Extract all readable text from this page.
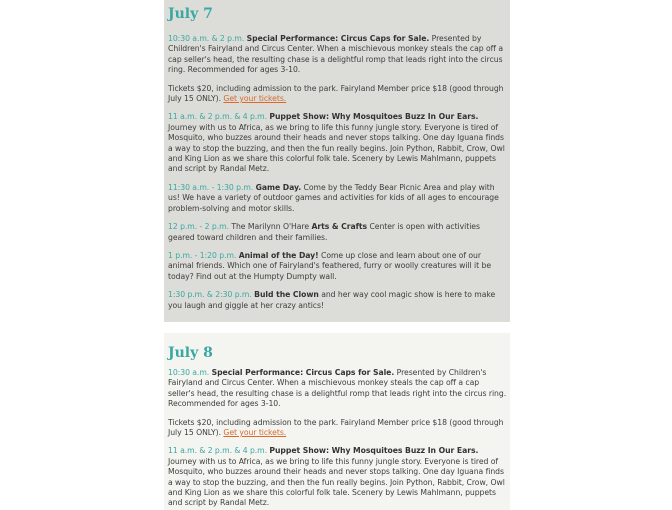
July 7

10:30 a.m. & 2 p.m. Special Performance: Circus Caps for Sale. Presented by Children's Fairyland and Circus Center. When a mischievous monkey steals the cap off a cap seller's head, the resulting chase is a delightful romp that leads right into the circus ring. Recommended for ages 3-10.

Tickets $20, including admission to the park. Fairyland Member price $18 (good through July 15 ONLY). Get your tickets.

11 a.m. & 2 p.m. & 4 p.m. Puppet Show: Why Mosquitoes Buzz In Our Ears. Journey with us to Africa, as we bring to life this funny jungle story. Everyone is tired of Mosquito, who buzzes around their heads and never stops talking. One day Iguana finds a way to stop the buzzing, and then the fun really begins. Join Python, Rabbit, Crow, Owl and King Lion as we share this colorful folk tale. Scenery by Lewis Mahlmann, puppets and script by Randal Metz.

11:30 a.m. - 1:30 p.m. Game Day. Come by the Teddy Bear Picnic Area and play with us! We have a variety of outdoor games and activities for kids of all ages to encourage problem-solving and motor skills.

12 p.m. - 2 p.m. The Marilynn O'Hare Arts & Crafts Center is open with activities geared toward children and their families.

1 p.m. - 1:20 p.m. Animal of the Day! Come up close and learn about one of our animal friends. Which one of Fairyland's feathered, furry or woolly creatures will it be today? Find out at the Humpty Dumpty wall.

1:30 p.m. & 2:30 p.m. Buld the Clown and her way cool magic show is here to make you laugh and giggle at her crazy antics!

July 8

10:30 a.m. Special Performance: Circus Caps for Sale. Presented by Children's Fairyland and Circus Center. When a mischievous monkey steals the cap off a cap seller's head, the resulting chase is a delightful romp that leads right into the circus ring. Recommended for ages 3-10.

Tickets $20, including admission to the park. Fairyland Member price $18 (good through July 15 ONLY). Get your tickets.

11 a.m. & 2 p.m. & 4 p.m. Puppet Show: Why Mosquitoes Buzz In Our Ears. Journey with us to Africa, as we bring to life this funny jungle story. Everyone is tired of Mosquito, who buzzes around their heads and never stops talking. One day Iguana finds a way to stop the buzzing, and then the fun really begins. Join Python, Rabbit, Crow, Owl and King Lion as we share this colorful folk tale. Scenery by Lewis Mahlmann, puppets and script by Randal Metz.
